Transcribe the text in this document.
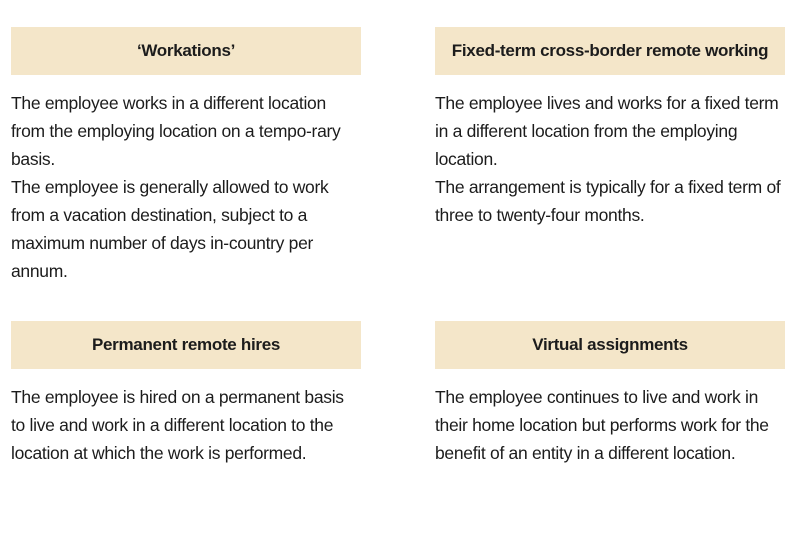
‘Workations’

The employee works in a different location from the employing location on a tempo-rary basis.

The employee is generally allowed to work from a vacation destination, subject to a maximum number of days in-country per annum.

Fixed-term cross-border remote working

The employee lives and works for a fixed term in a different location from the employing location.

The arrangement is typically for a fixed term of three to twenty-four months.

Permanent remote hires

The employee is hired on a permanent basis to live and work in a different location to the location at which the work is performed.

Virtual assignments

The employee continues to live and work in their home location but performs work for the benefit of an entity in a different location.
